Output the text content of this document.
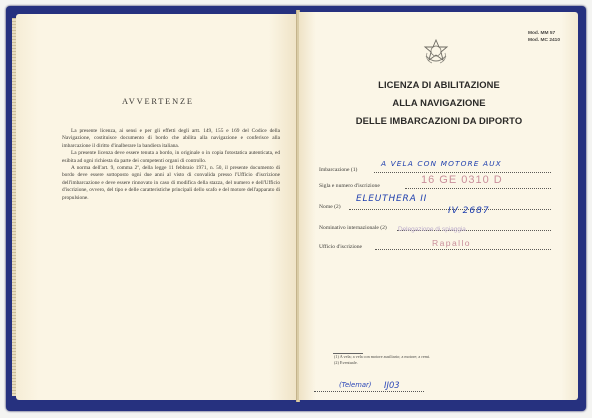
AVVERTENZE

La presente licenza, ai sensi e per gli effetti degli artt. 149, 155 e 169 del Codice della Navigazione, costituisce documento di bordo che abilita alla navigazione e conferisce alla imbarcazione il diritto d'inalberare la bandiera italiana.

La presente licenza deve essere tenuta a bordo, in originale o in copia fotostatica autenticata, ed esibita ad ogni richiesta da parte dei competenti organi di controllo.

A norma dell'art. 9, comma 2º, della legge 11 febbraio 1971, n. 50, il presente documento di bordo deve essere sottoposto ogni due anni al visto di convalida presso l'Ufficio d'iscrizione dell'imbarcazione e deve essere rinnovato in caso di modifica della stazza, del numero e dell'Ufficio d'iscrizione, ovvero, del tipo e delle caratteristiche principali dello scafo e del motore dell'apparato di propulsione.

Mod. MM 57
Mod. MC 2410
LICENZA DI ABILITAZIONE
ALLA NAVIGAZIONE
DELLE IMBARCAZIONI DA DIPORTO
Imbarcazione (1)
A VELA CON MOTORE AUX
Sigla e numero d'iscrizione	16 GE 0310 D
Nome (2)
ELEUTHERA II
IV 2687
Nominativo internazionale (2) Delegazione di spiaggia
Ufficio d'iscrizione	Rapallo
(1) A vela; a vela con motore ausiliario; a motore; a remi.
(2) Eventuale.
(Telemar) IJ03
